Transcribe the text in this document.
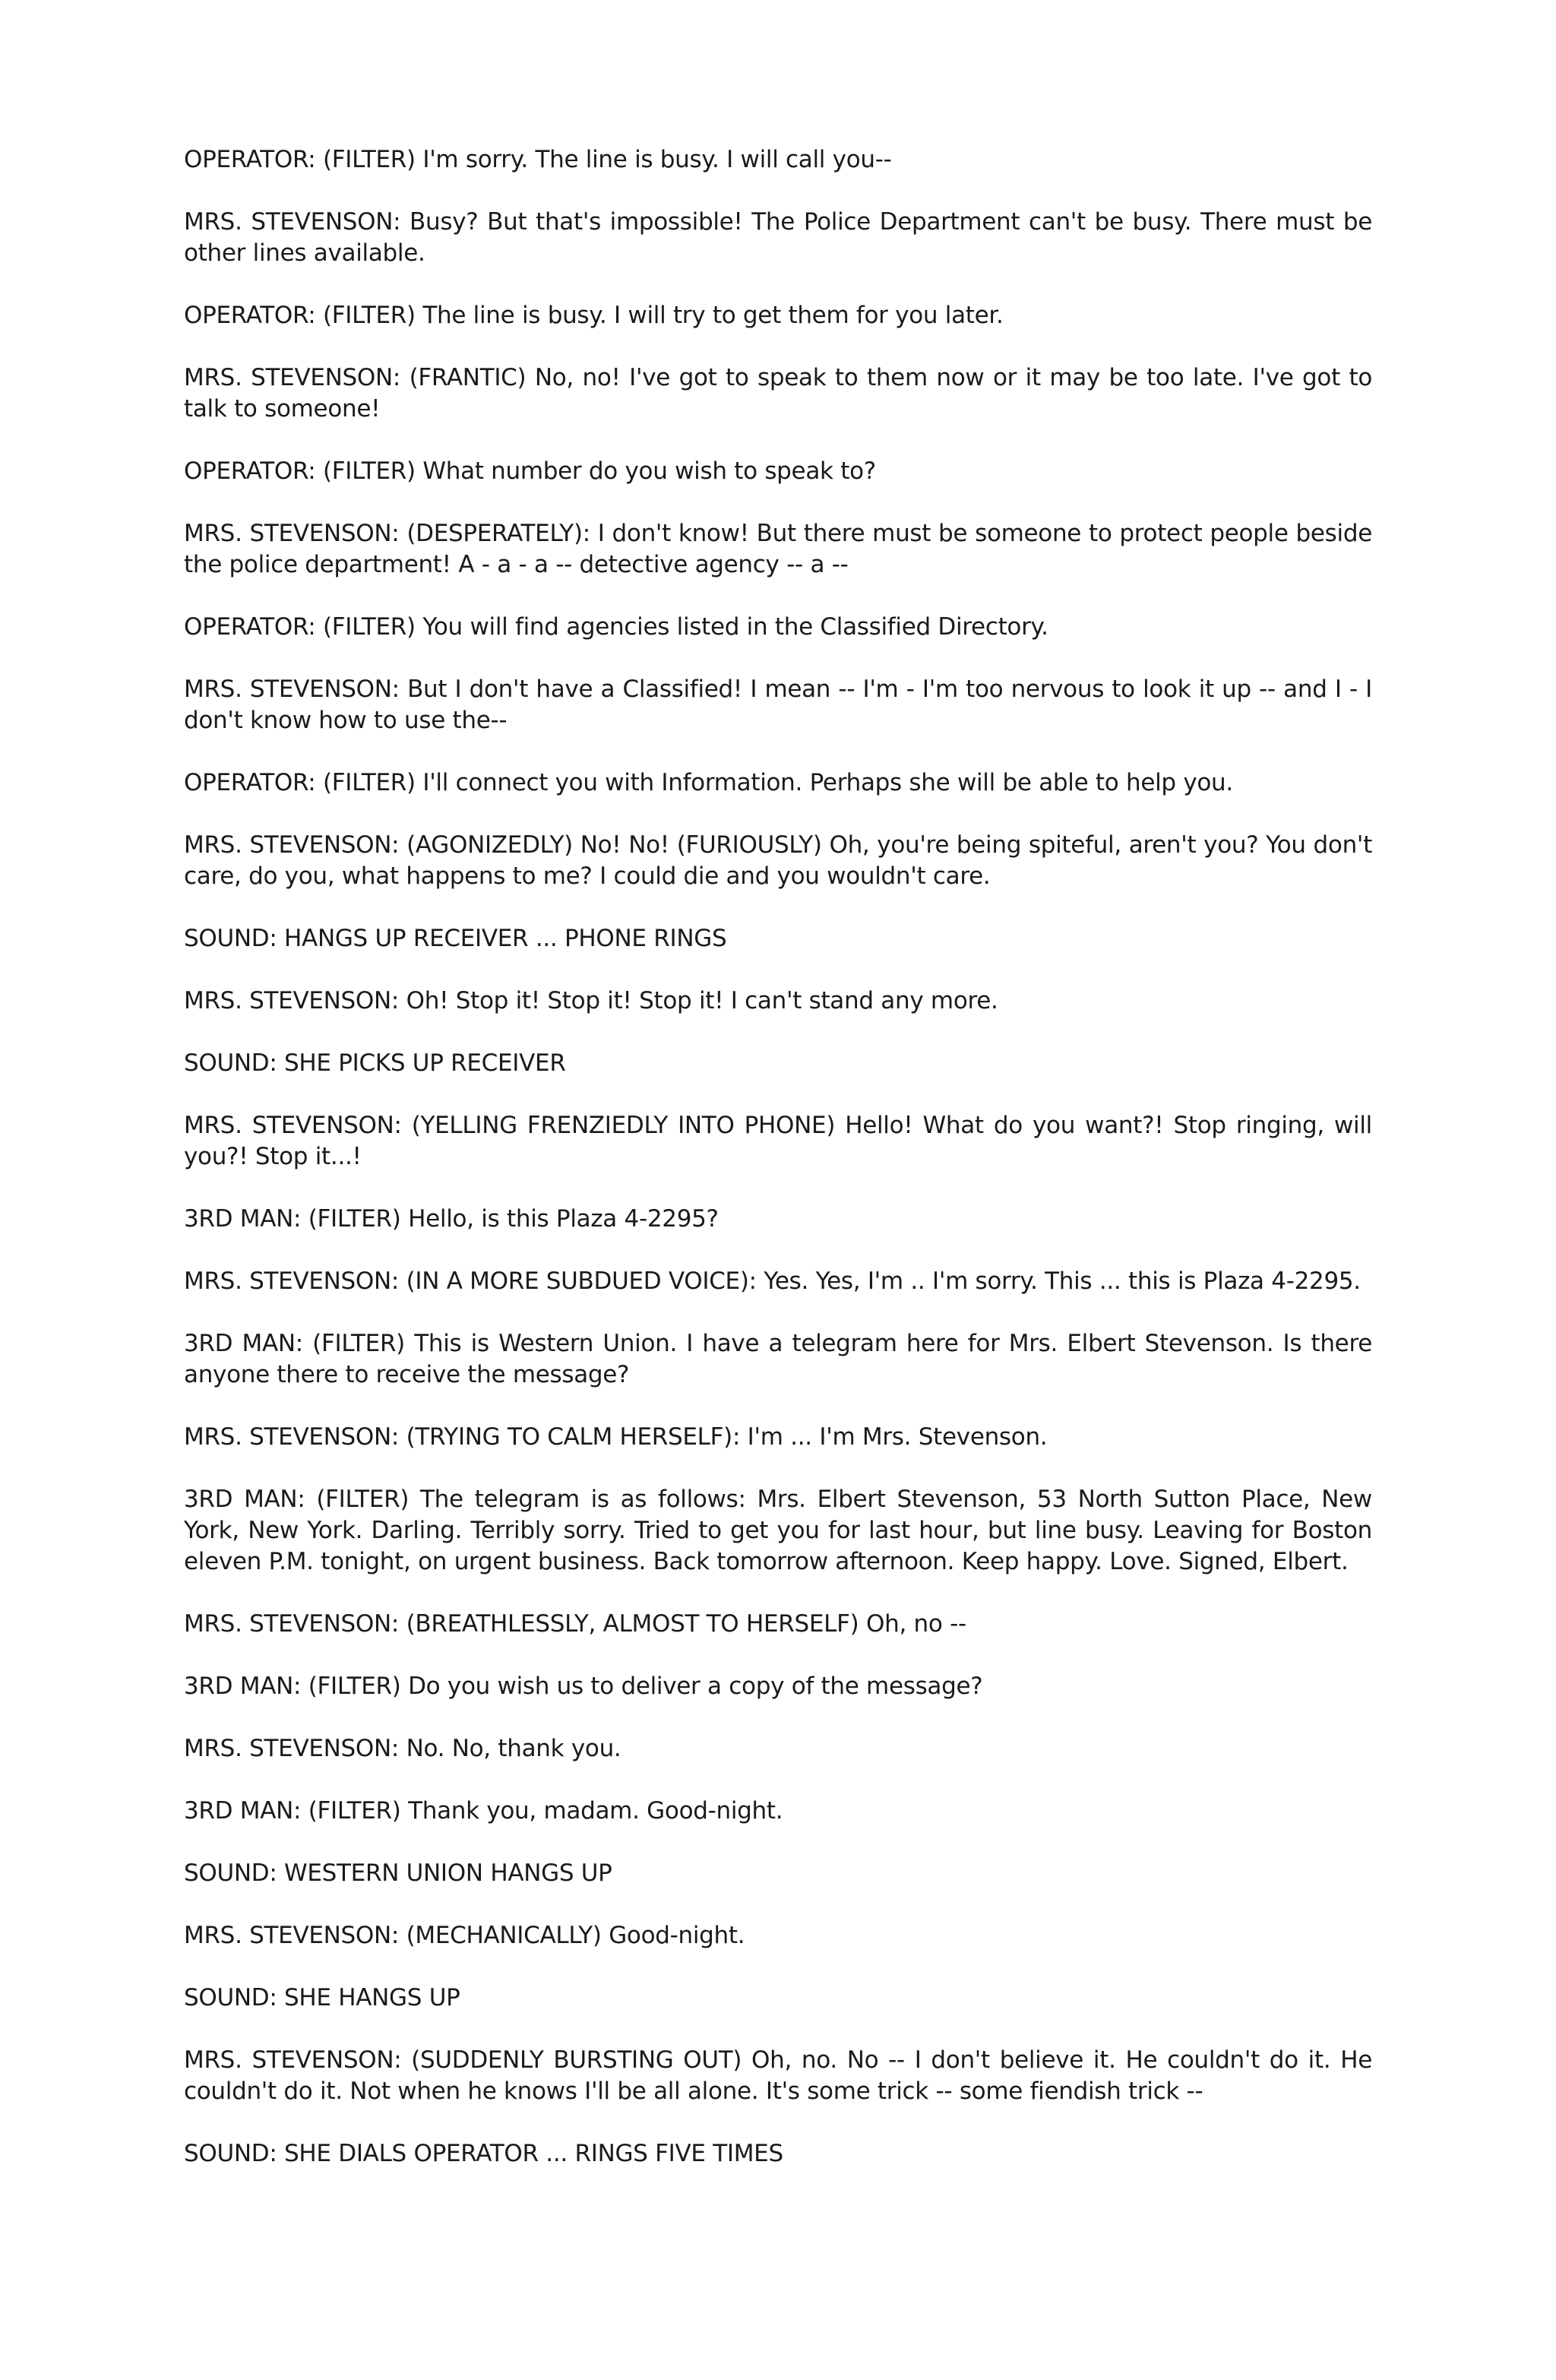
OPERATOR: (FILTER) I'm sorry. The line is busy. I will call you--

MRS. STEVENSON: Busy? But that's impossible! The Police Department can't be busy. There must be other lines available.

OPERATOR: (FILTER) The line is busy. I will try to get them for you later.

MRS. STEVENSON: (FRANTIC) No, no! I've got to speak to them now or it may be too late. I've got to talk to someone!

OPERATOR: (FILTER) What number do you wish to speak to?

MRS. STEVENSON: (DESPERATELY): I don't know! But there must be someone to protect people beside the police department! A - a - a -- detective agency -- a --

OPERATOR: (FILTER) You will find agencies listed in the Classified Directory.

MRS. STEVENSON: But I don't have a Classified! I mean -- I'm - I'm too nervous to look it up -- and I - I don't know how to use the--

OPERATOR: (FILTER) I'll connect you with Information. Perhaps she will be able to help you.

MRS. STEVENSON: (AGONIZEDLY) No! No! (FURIOUSLY) Oh, you're being spiteful, aren't you? You don't care, do you, what happens to me? I could die and you wouldn't care.

SOUND: HANGS UP RECEIVER ... PHONE RINGS

MRS. STEVENSON: Oh! Stop it! Stop it! Stop it! I can't stand any more.

SOUND: SHE PICKS UP RECEIVER

MRS. STEVENSON: (YELLING FRENZIEDLY INTO PHONE) Hello! What do you want?! Stop ringing, will you?! Stop it...!

3RD MAN: (FILTER) Hello, is this Plaza 4-2295?

MRS. STEVENSON: (IN A MORE SUBDUED VOICE): Yes. Yes, I'm .. I'm sorry. This ... this is Plaza 4-2295.

3RD MAN: (FILTER) This is Western Union. I have a telegram here for Mrs. Elbert Stevenson. Is there anyone there to receive the message?

MRS. STEVENSON: (TRYING TO CALM HERSELF): I'm ... I'm Mrs. Stevenson.

3RD MAN: (FILTER) The telegram is as follows: Mrs. Elbert Stevenson, 53 North Sutton Place, New York, New York. Darling. Terribly sorry. Tried to get you for last hour, but line busy. Leaving for Boston eleven P.M. tonight, on urgent business. Back tomorrow afternoon. Keep happy. Love. Signed, Elbert.

MRS. STEVENSON: (BREATHLESSLY, ALMOST TO HERSELF) Oh, no --

3RD MAN: (FILTER) Do you wish us to deliver a copy of the message?

MRS. STEVENSON: No. No, thank you.

3RD MAN: (FILTER) Thank you, madam. Good-night.

SOUND: WESTERN UNION HANGS UP

MRS. STEVENSON: (MECHANICALLY) Good-night.

SOUND: SHE HANGS UP

MRS. STEVENSON: (SUDDENLY BURSTING OUT) Oh, no. No -- I don't believe it. He couldn't do it. He couldn't do it. Not when he knows I'll be all alone. It's some trick -- some fiendish trick --

SOUND: SHE DIALS OPERATOR ... RINGS FIVE TIMES
